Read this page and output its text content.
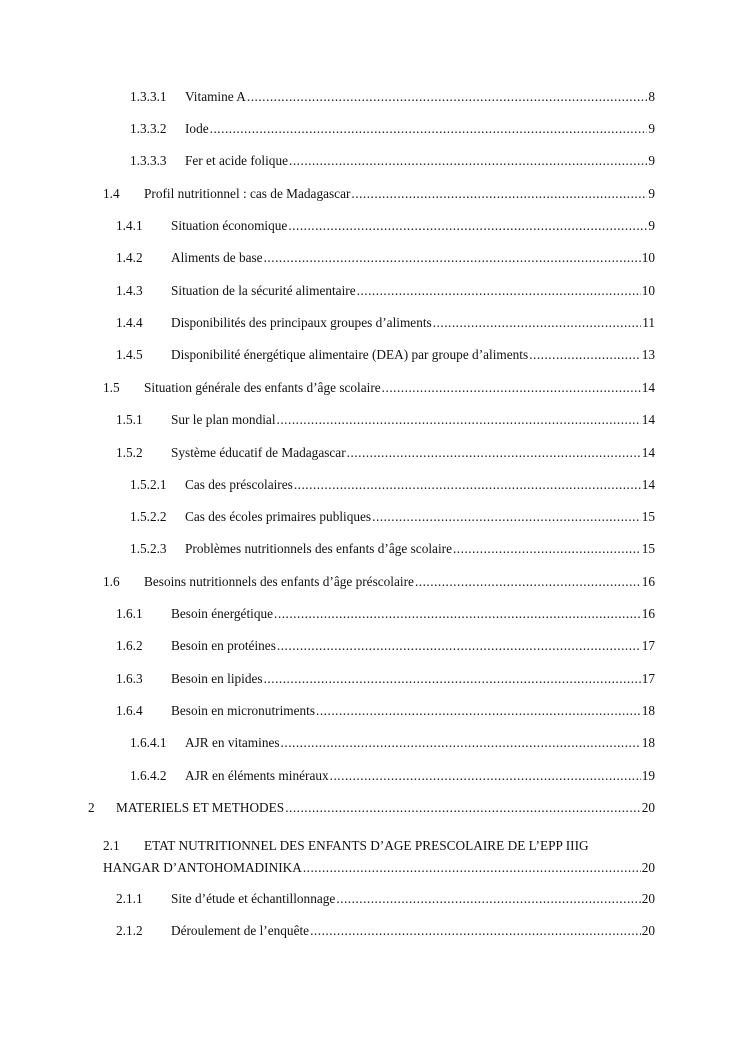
1.3.3.1	Vitamine A .....	8
1.3.3.2	Iode .....	9
1.3.3.3	Fer et acide folique .....	9
1.4	Profil nutritionnel : cas de Madagascar .....	9
1.4.1	Situation économique .....	9
1.4.2	Aliments de base .....	10
1.4.3	Situation de la sécurité alimentaire .....	10
1.4.4	Disponibilités des principaux groupes d’aliments .....	11
1.4.5	Disponibilité énergétique alimentaire (DEA) par groupe d’aliments .....	13
1.5	Situation générale des enfants d’âge scolaire .....	14
1.5.1	Sur le plan mondial .....	14
1.5.2	Système éducatif de Madagascar .....	14
1.5.2.1	Cas des préscolaires .....	14
1.5.2.2	Cas des écoles primaires publiques .....	15
1.5.2.3	Problèmes nutritionnels des enfants d’âge scolaire .....	15
1.6	Besoins nutritionnels des enfants d’âge préscolaire .....	16
1.6.1	Besoin énergétique .....	16
1.6.2	Besoin en protéines .....	17
1.6.3	Besoin en lipides .....	17
1.6.4	Besoin en micronutriments .....	18
1.6.4.1	AJR en vitamines .....	18
1.6.4.2	AJR en éléments minéraux .....	19
2	MATERIELS ET METHODES .....	20
2.1 ETAT NUTRITIONNEL DES ENFANTS D’AGE PRESCOLAIRE DE L’EPP IIIG
HANGAR D’ANTOHOMADINIKA .....	20
2.1.1	Site d’étude et échantillonnage .....	20
2.1.2	Déroulement de l’enquête .....	20
